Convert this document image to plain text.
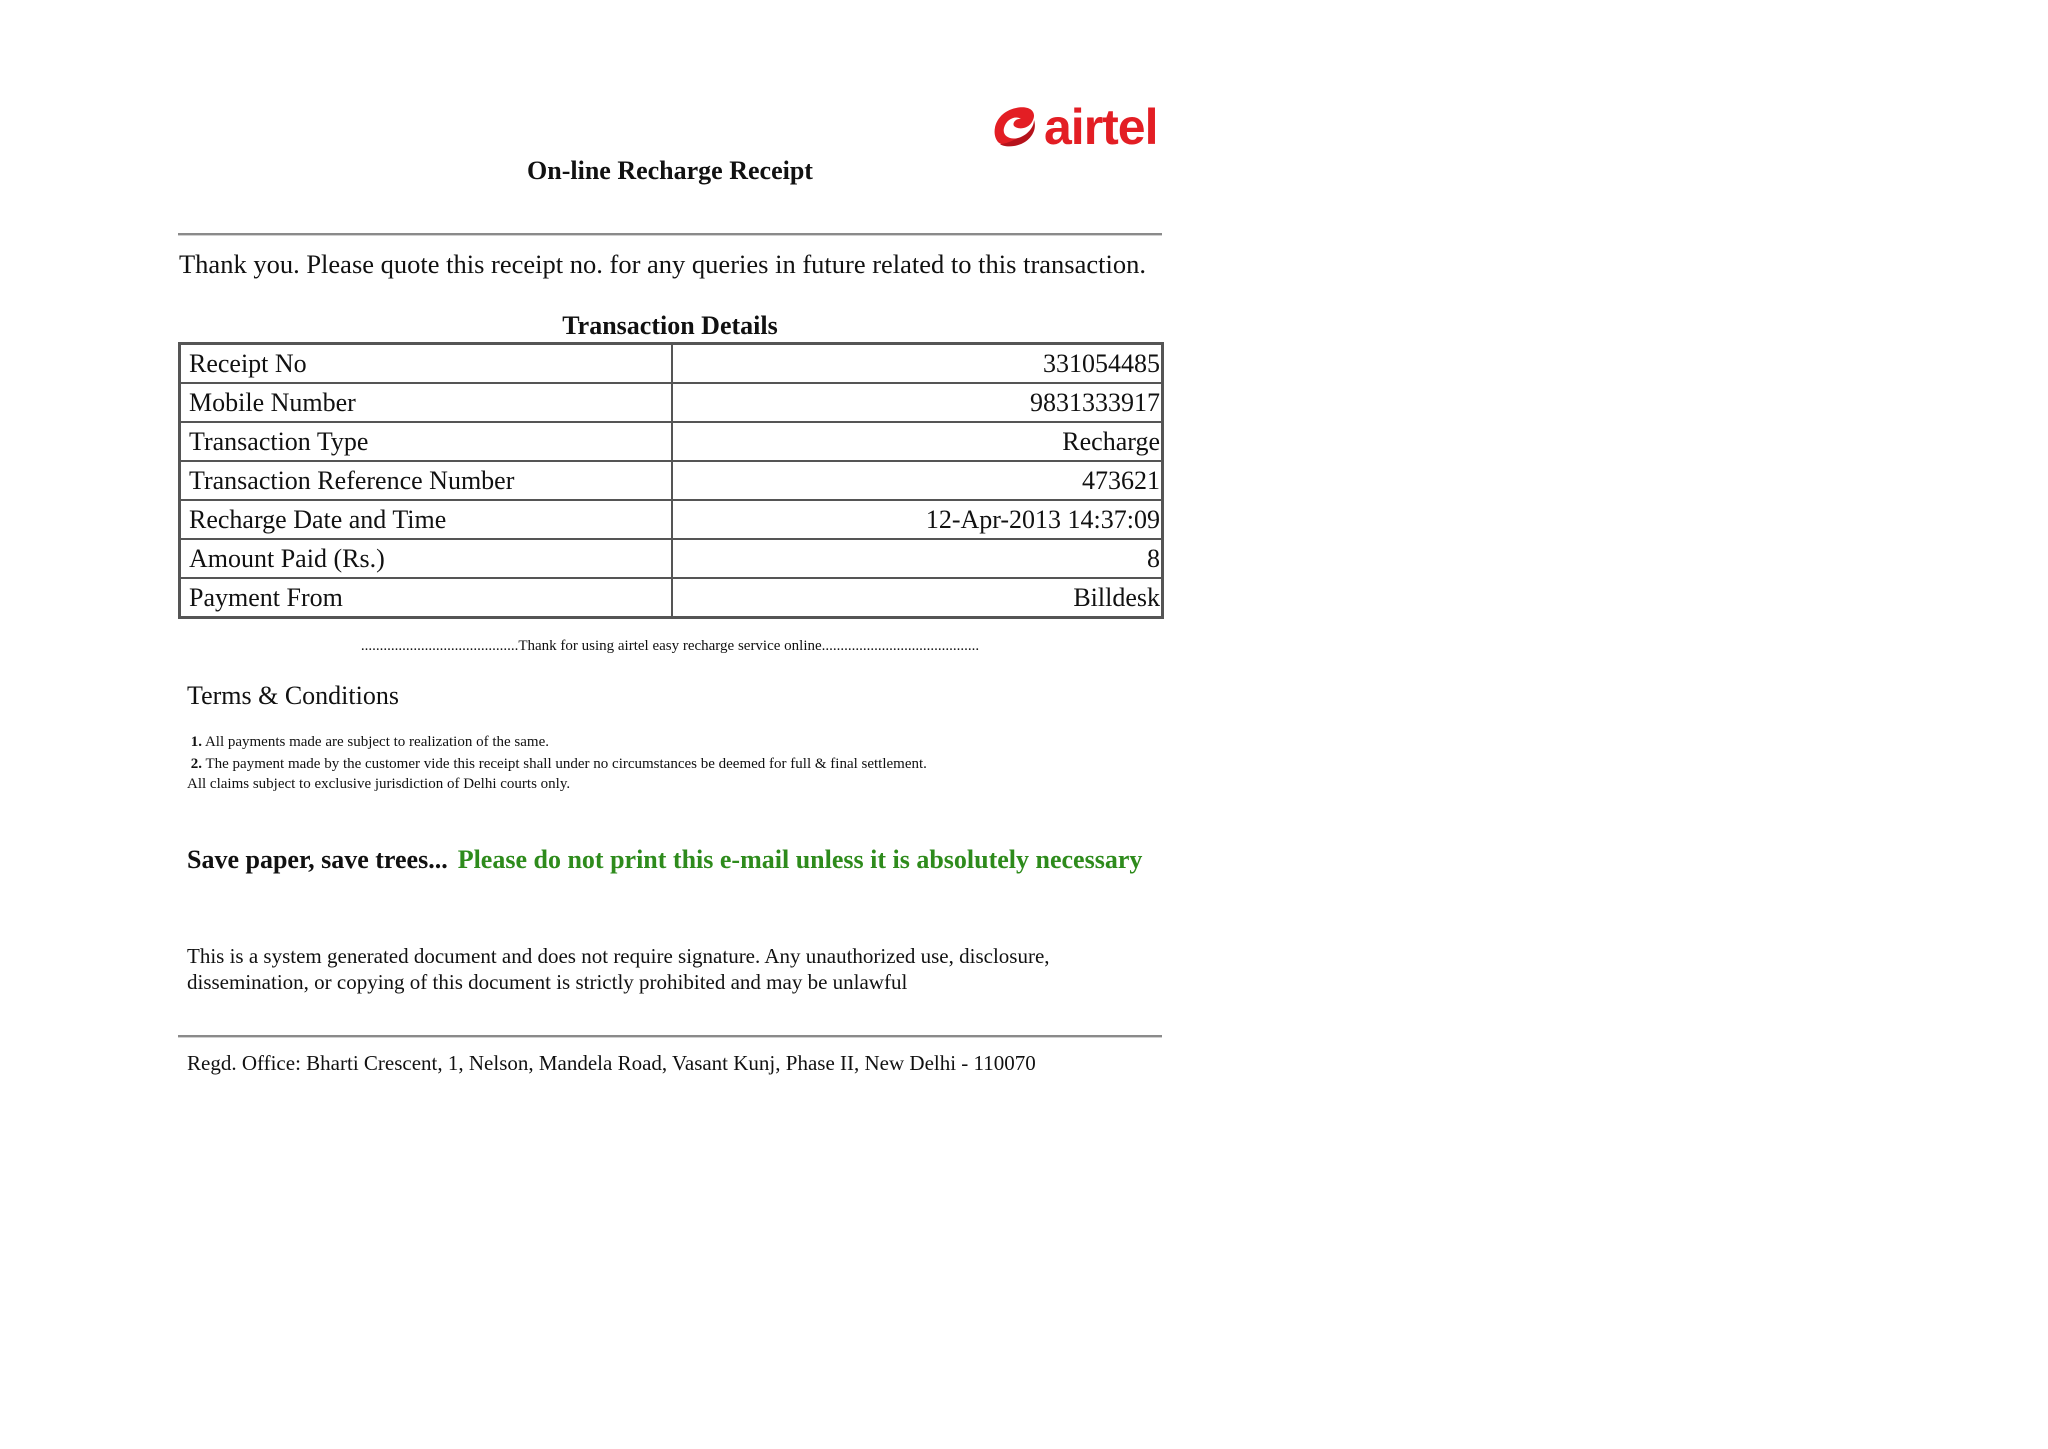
airtel
On-line Recharge Receipt
Thank you. Please quote this receipt no. for any queries in future related to this transaction.
Transaction Details
Receipt No	331054485
Mobile Number	9831333917
Transaction Type	Recharge
Transaction Reference Number	473621
Recharge Date and Time	12-Apr-2013 14:37:09
Amount Paid (Rs.)	8
Payment From	Billdesk
..........................................Thank for using airtel easy recharge service online..........................................
Terms & Conditions
1. All payments made are subject to realization of the same.
2. The payment made by the customer vide this receipt shall under no circumstances be deemed for full & final settlement.
All claims subject to exclusive jurisdiction of Delhi courts only.
Save paper, save trees... Please do not print this e-mail unless it is absolutely necessary
This is a system generated document and does not require signature. Any unauthorized use, disclosure, dissemination, or copying of this document is strictly prohibited and may be unlawful
Regd. Office: Bharti Crescent, 1, Nelson, Mandela Road, Vasant Kunj, Phase II, New Delhi - 110070
